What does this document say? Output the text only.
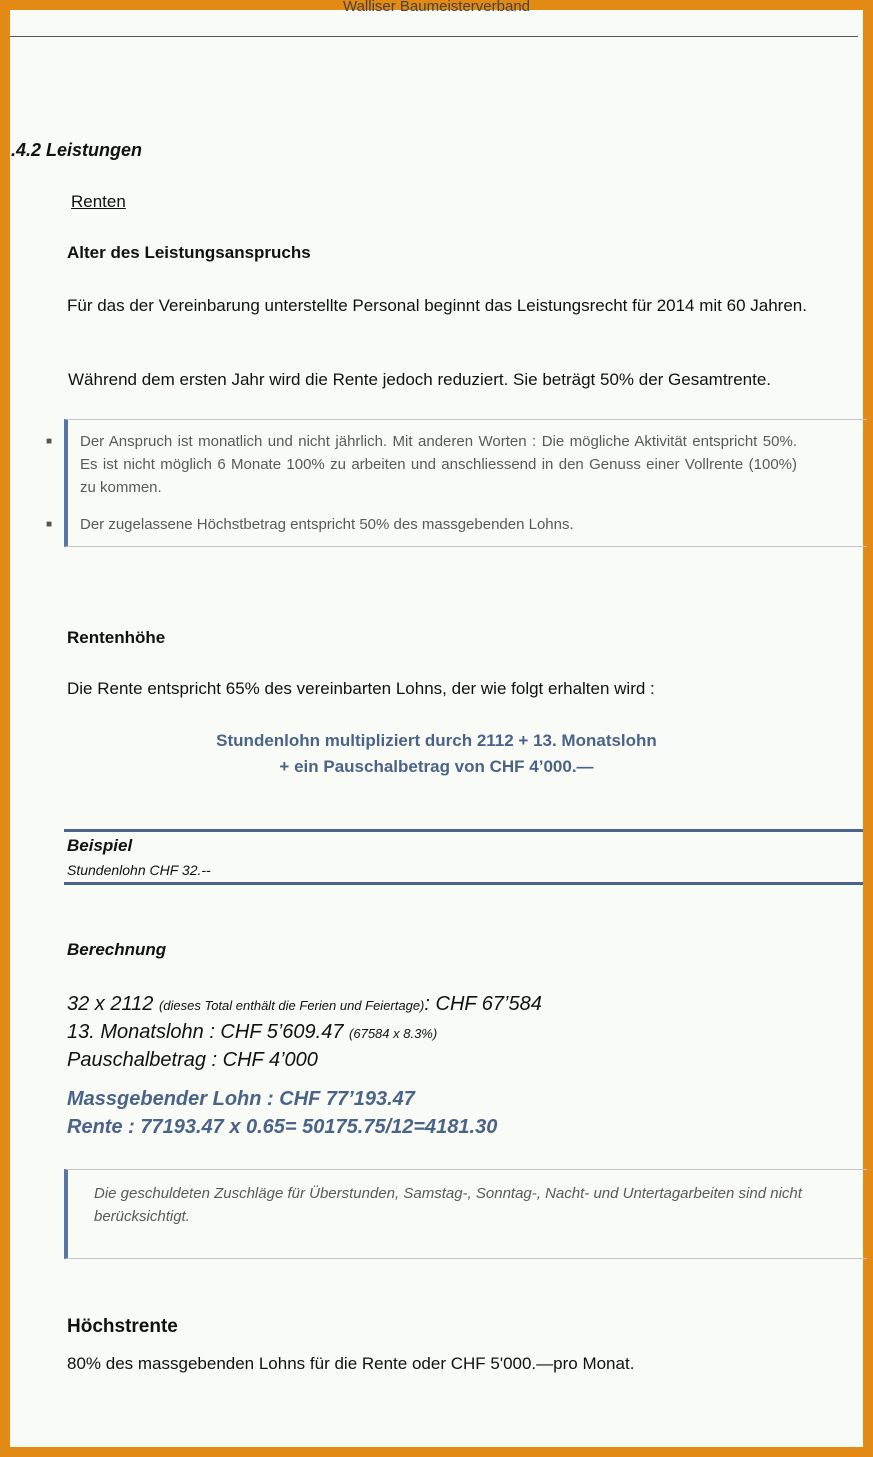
Walliser Baumeisterverband
.4.2 Leistungen
Renten
Alter des Leistungsanspruchs
Für das der Vereinbarung unterstellte Personal beginnt das Leistungsrecht für 2014 mit 60 Jahren.
Während dem ersten Jahr wird die Rente jedoch reduziert. Sie beträgt 50% der Gesamtrente.
■ Der Anspruch ist monatlich und nicht jährlich. Mit anderen Worten : Die mögliche Aktivität entspricht 50%. Es ist nicht möglich 6 Monate 100% zu arbeiten und anschliessend in den Genuss einer Vollrente (100%) zu kommen.
■ Der zugelassene Höchstbetrag entspricht 50% des massgebenden Lohns.
Rentenhöhe
Die Rente entspricht 65% des vereinbarten Lohns, der wie folgt erhalten wird :
Stundenlohn multipliziert durch 2112 + 13. Monatslohn
+ ein Pauschalbetrag von CHF 4’000.—
Beispiel
Stundenlohn CHF 32.--
Berechnung
32 x 2112 (dieses Total enthält die Ferien und Feiertage): CHF 67’584
13. Monatslohn : CHF 5’609.47 (67584 x 8.3%)
Pauschalbetrag : CHF 4’000
Massgebender Lohn : CHF 77’193.47
Rente : 77193.47 x 0.65= 50175.75/12=4181.30
Die geschuldeten Zuschläge für Überstunden, Samstag-, Sonntag-, Nacht- und Untertagarbeiten sind nicht berücksichtigt.
Höchstrente
80% des massgebenden Lohns für die Rente oder CHF 5'000.—pro Monat.
